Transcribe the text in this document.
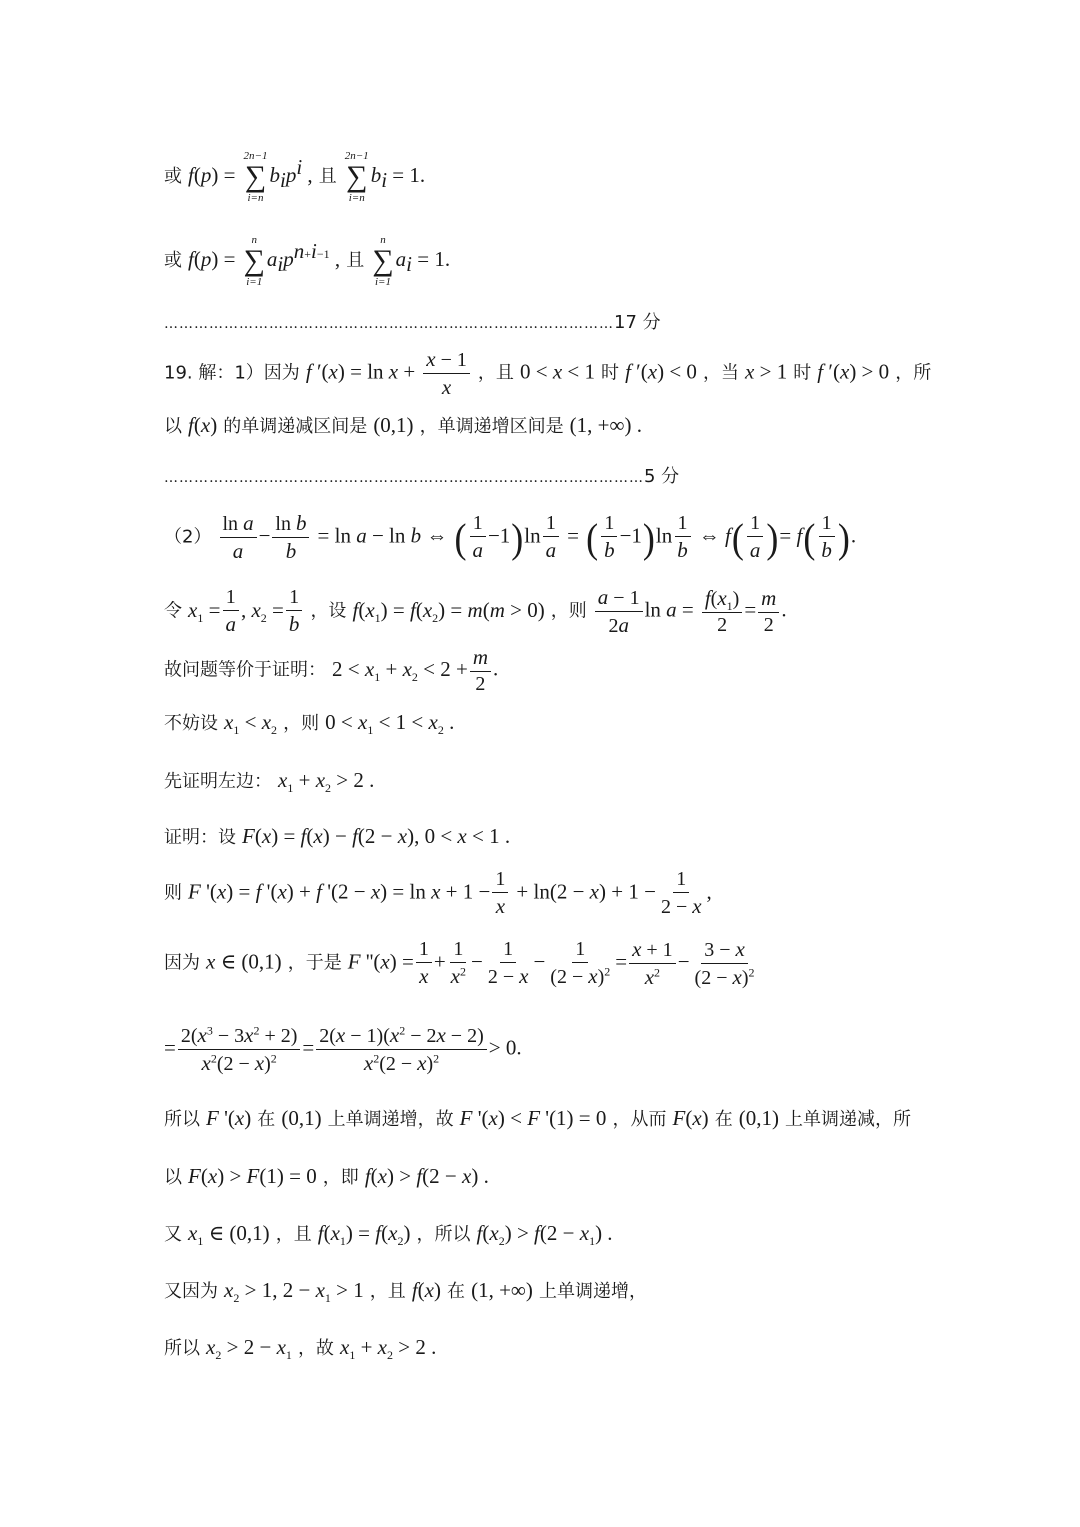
或 f(p) =
2n−1
∑
i=n
$b_ip^i$ , 且
2n−1
∑
i=n
$b_i = 1$.
或 f(p) =
n
∑
i=1
$a_ip^{n+i-1}$ , 且
n
∑
i=1
$a_i = 1$.
………………………………………………………………………………17 分
19. 解：1）因为 f $'(x) = \ln x + \frac{x - 1}{x}$ ，且 0 < x < 1 时 f ′(x) < 0 ，当 x > 1 时 f ′(x) > 0 ，所
以 f(x) 的单调递减区间是 (0,1) ，单调递增区间是 (1, +∞) .
……………………………………………………………………………………5 分
$(2) \frac{\text{ln a}}{a} - \frac{\text{ln b}}{b} = \ln a - \ln b$ ⇔ ( $\frac{1}{a} -1)\ln \frac{1}{a}$ = ( $\frac{1}{b} -1)\ln \frac{1}{b}$ ⇔ $f( \frac{1}{a}$ )= $f( \frac{1}{b}$ ).
令 $x_1 = \frac{1}{a}$ , $x_2 = \frac{1}{b}$ ，设 $f(x_1) = f(x_2) = m(m > 0)$ ，则 $\frac{a - 1}{2a}$ $\ln a = \frac{f(x_1)}{2} = \frac{m}{2}$ .
故问题等价于证明： $2 < x_1 + x_2 < 2 + \frac{m}{2}$ .
不妨设 $x_1 < x_2$ ，则 $0 < x_1 < 1 < x_2$ .
先证明左边： $x_1 + x_2 > 2$ .
证明：设 F(x) = f(x) − f(2 − x), 0 < x < 1 .
则 F '(x) = f '(x) + f '$(2 - x) = \ln x + 1 - \frac{1}{x} + \ln(2 - x) + 1 - \frac{1}{2 - x}$ ,
因为 x ∈ (0,1) ，于是 F ''$(x) = \frac{1}{x} + \frac{1}{x^2} - \frac{1}{2 - x} - \frac{1}{(2 - x)^2} = \frac{x + 1}{x^2} - \frac{3 - x}{(2 - x)^2}$
= $\frac{2(x^3 - 3x^2 + 2)}{x^2(2 - x)^2} = \frac{2(x - 1)(x^2 - 2x - 2)}{x^2(2 - x)^2} > 0$.
所以 F '(x) 在 (0,1) 上单调递增，故 F '(x) < F '(1) = 0 ，从而 F(x) 在 (0,1) 上单调递减，所
以 F(x) > F(1) = 0 ，即 f(x) > f(2 − x) .
又 $x_1$ ∈ (0,1) ，且 $f(x_1) = f(x_2)$ ，所以 $f(x_2) > f(2 - x_1)$ .
又因为 $x_2 > 1$, $2 - x_1 > 1$ ，且 f(x) 在 (1, +∞) 上单调递增，
所以 $x_2 > 2 - x_1$ ，故 $x_1 + x_2 > 2$ .
